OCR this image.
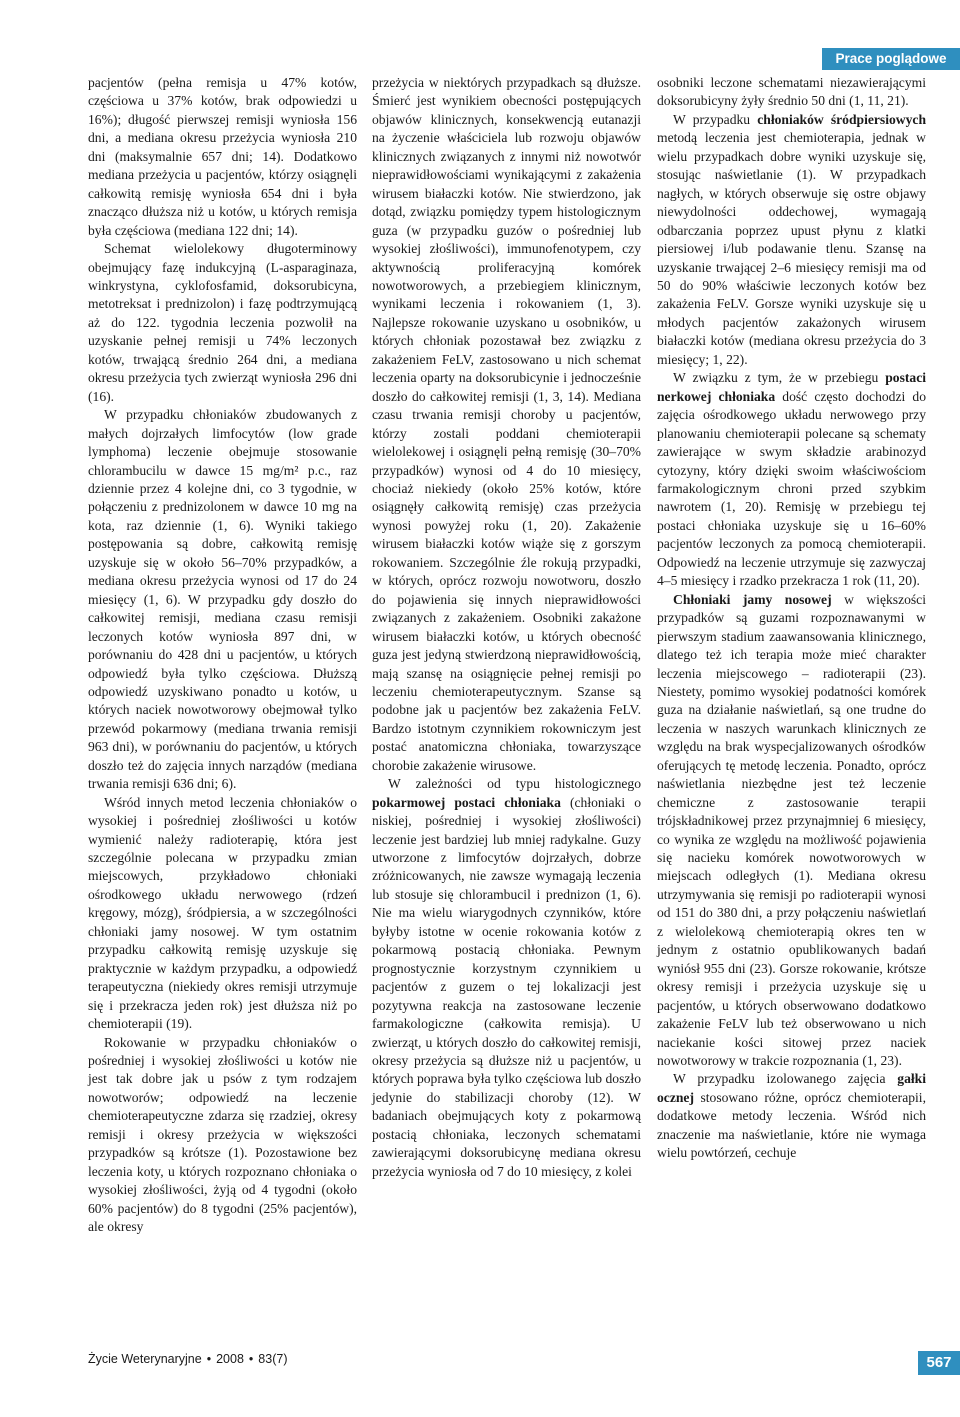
Prace poglądowe

pacjentów (pełna remisja u 47% kotów, częściowa u 37% kotów, brak odpowiedzi u 16%); długość pierwszej remisji wyniosła 156 dni, a mediana okresu przeżycia wyniosła 210 dni (maksymalnie 657 dni; 14). Dodatkowo mediana przeżycia u pacjentów, którzy osiągnęli całkowitą remisję wyniosła 654 dni i była znacząco dłuższa niż u kotów, u których remisja była częściowa (mediana 122 dni; 14).

Schemat wielolekowy długoterminowy obejmujący fazę indukcyjną (L-asparaginaza, winkrystyna, cyklofosfamid, doksorubicyna, metotreksat i prednizolon) i fazę podtrzymującą aż do 122. tygodnia leczenia pozwolił na uzyskanie pełnej remisji u 74% leczonych kotów, trwającą średnio 264 dni, a mediana okresu przeżycia tych zwierząt wyniosła 296 dni (16).

W przypadku chłoniaków zbudowanych z małych dojrzałych limfocytów (low grade lymphoma) leczenie obejmuje stosowanie chlorambucilu w dawce 15 mg/m² p.c., raz dziennie przez 4 kolejne dni, co 3 tygodnie, w połączeniu z prednizolonem w dawce 10 mg na kota, raz dziennie (1, 6). Wyniki takiego postępowania są dobre, całkowitą remisję uzyskuje się w około 56–70% przypadków, a mediana okresu przeżycia wynosi od 17 do 24 miesięcy (1, 6). W przypadku gdy doszło do całkowitej remisji, mediana czasu remisji leczonych kotów wyniosła 897 dni, w porównaniu do 428 dni u pacjentów, u których odpowiedź była tylko częściowa. Dłuższą odpowiedź uzyskiwano ponadto u kotów, u których naciek nowotworowy obejmował tylko przewód pokarmowy (mediana trwania remisji 963 dni), w porównaniu do pacjentów, u których doszło też do zajęcia innych narządów (mediana trwania remisji 636 dni; 6).

Wśród innych metod leczenia chłoniaków o wysokiej i pośredniej złośliwości u kotów wymienić należy radioterapię, która jest szczególnie polecana w przypadku zmian miejscowych, przykładowo chłoniaki ośrodkowego układu nerwowego (rdzeń kręgowy, mózg), śródpiersia, a w szczególności chłoniaki jamy nosowej. W tym ostatnim przypadku całkowitą remisję uzyskuje się praktycznie w każdym przypadku, a odpowiedź terapeutyczna (niekiedy okres remisji utrzymuje się i przekracza jeden rok) jest dłuższa niż po chemioterapii (19).

Rokowanie w przypadku chłoniaków o pośredniej i wysokiej złośliwości u kotów nie jest tak dobre jak u psów z tym rodzajem nowotworów; odpowiedź na leczenie chemioterapeutyczne zdarza się rzadziej, okresy remisji i okresy przeżycia w większości przypadków są krótsze (1). Pozostawione bez leczenia koty, u których rozpoznano chłoniaka o wysokiej złośliwości, żyją od 4 tygodni (około 60% pacjentów) do 8 tygodni (25% pacjentów), ale okresy

przeżycia w niektórych przypadkach są dłuższe. Śmierć jest wynikiem obecności postępujących objawów klinicznych, konsekwencją eutanazji na życzenie właściciela lub rozwoju objawów klinicznych związanych z innymi niż nowotwór nieprawidłowościami wynikającymi z zakażenia wirusem białaczki kotów. Nie stwierdzono, jak dotąd, związku pomiędzy typem histologicznym guza (w przypadku guzów o pośredniej lub wysokiej złośliwości), immunofenotypem, czy aktywnością proliferacyjną komórek nowotworowych, a przebiegiem klinicznym, wynikami leczenia i rokowaniem (1, 3). Najlepsze rokowanie uzyskano u osobników, u których chłoniak pozostawał bez związku z zakażeniem FeLV, zastosowano u nich schemat leczenia oparty na doksorubicynie i jednocześnie doszło do całkowitej remisji (1, 3, 14). Mediana czasu trwania remisji choroby u pacjentów, którzy zostali poddani chemioterapii wielolekowej i osiągnęli pełną remisję (30–70% przypadków) wynosi od 4 do 10 miesięcy, chociaż niekiedy (około 25% kotów, które osiągnęły całkowitą remisję) czas przeżycia wynosi powyżej roku (1, 20). Zakażenie wirusem białaczki kotów wiąże się z gorszym rokowaniem. Szczególnie źle rokują przypadki, w których, oprócz rozwoju nowotworu, doszło do pojawienia się innych nieprawidłowości związanych z zakażeniem. Osobniki zakażone wirusem białaczki kotów, u których obecność guza jest jedyną stwierdzoną nieprawidłowością, mają szansę na osiągnięcie pełnej remisji po leczeniu chemioterapeutycznym. Szanse są podobne jak u pacjentów bez zakażenia FeLV. Bardzo istotnym czynnikiem rokowniczym jest postać anatomiczna chłoniaka, towarzyszące chorobie zakażenie wirusowe.

W zależności od typu histologicznego pokarmowej postaci chłoniaka (chłoniaki o niskiej, pośredniej i wysokiej złośliwości) leczenie jest bardziej lub mniej radykalne. Guzy utworzone z limfocytów dojrzałych, dobrze zróżnicowanych, nie zawsze wymagają leczenia lub stosuje się chlorambucil i prednizon (1, 6). Nie ma wielu wiarygodnych czynników, które byłyby istotne w ocenie rokowania kotów z pokarmową postacią chłoniaka. Pewnym prognostycznie korzystnym czynnikiem u pacjentów z guzem o tej lokalizacji jest pozytywna reakcja na zastosowane leczenie farmakologiczne (całkowita remisja). U zwierząt, u których doszło do całkowitej remisji, okresy przeżycia są dłuższe niż u pacjentów, u których poprawa była tylko częściowa lub doszło jedynie do stabilizacji choroby (12). W badaniach obejmujących koty z pokarmową postacią chłoniaka, leczonych schematami zawierającymi doksorubicynę mediana okresu przeżycia wyniosła od 7 do 10 miesięcy, z kolei

osobniki leczone schematami niezawierającymi doksorubicyny żyły średnio 50 dni (1, 11, 21).

W przypadku chłoniaków śródpiersiowych metodą leczenia jest chemioterapia, jednak w wielu przypadkach dobre wyniki uzyskuje się, stosując naświetlanie (1). W przypadkach nagłych, w których obserwuje się ostre objawy niewydolności oddechowej, wymagają odbarczania poprzez upust płynu z klatki piersiowej i/lub podawanie tlenu. Szansę na uzyskanie trwającej 2–6 miesięcy remisji ma od 50 do 90% właściwie leczonych kotów bez zakażenia FeLV. Gorsze wyniki uzyskuje się u młodych pacjentów zakażonych wirusem białaczki kotów (mediana okresu przeżycia do 3 miesięcy; 1, 22).

W związku z tym, że w przebiegu postaci nerkowej chłoniaka dość często dochodzi do zajęcia ośrodkowego układu nerwowego przy planowaniu chemioterapii polecane są schematy zawierające w swym składzie arabinozyd cytozyny, który dzięki swoim właściwościom farmakologicznym chroni przed szybkim nawrotem (1, 20). Remisję w przebiegu tej postaci chłoniaka uzyskuje się u 16–60% pacjentów leczonych za pomocą chemioterapii. Odpowiedź na leczenie utrzymuje się zazwyczaj 4–5 miesięcy i rzadko przekracza 1 rok (11, 20).

Chłoniaki jamy nosowej w większości przypadków są guzami rozpoznawanymi w pierwszym stadium zaawansowania klinicznego, dlatego też ich terapia może mieć charakter leczenia miejscowego – radioterapii (23). Niestety, pomimo wysokiej podatności komórek guza na działanie naświetlań, są one trudne do leczenia w naszych warunkach klinicznych ze względu na brak wyspecjalizowanych ośrodków oferujących tę metodę leczenia. Ponadto, oprócz naświetlania niezbędne jest też leczenie chemiczne z zastosowanie terapii trójskładnikowej przez przynajmniej 6 miesięcy, co wynika ze względu na możliwość pojawienia się nacieku komórek nowotworowych w miejscach odległych (1). Mediana okresu utrzymywania się remisji po radioterapii wynosi od 151 do 380 dni, a przy połączeniu naświetlań z wielolekową chemioterapią okres ten w jednym z ostatnio opublikowanych badań wyniósł 955 dni (23). Gorsze rokowanie, krótsze okresy remisji i przeżycia uzyskuje się u pacjentów, u których obserwowano dodatkowo zakażenie FeLV lub też obserwowano u nich naciekanie kości sitowej przez naciek nowotworowy w trakcie rozpoznania (1, 23).

W przypadku izolowanego zajęcia gałki ocznej stosowano różne, oprócz chemioterapii, dodatkowe metody leczenia. Wśród nich znaczenie ma naświetlanie, które nie wymaga wielu powtórzeń, cechuje

Życie Weterynaryjne • 2008 • 83(7)	567
